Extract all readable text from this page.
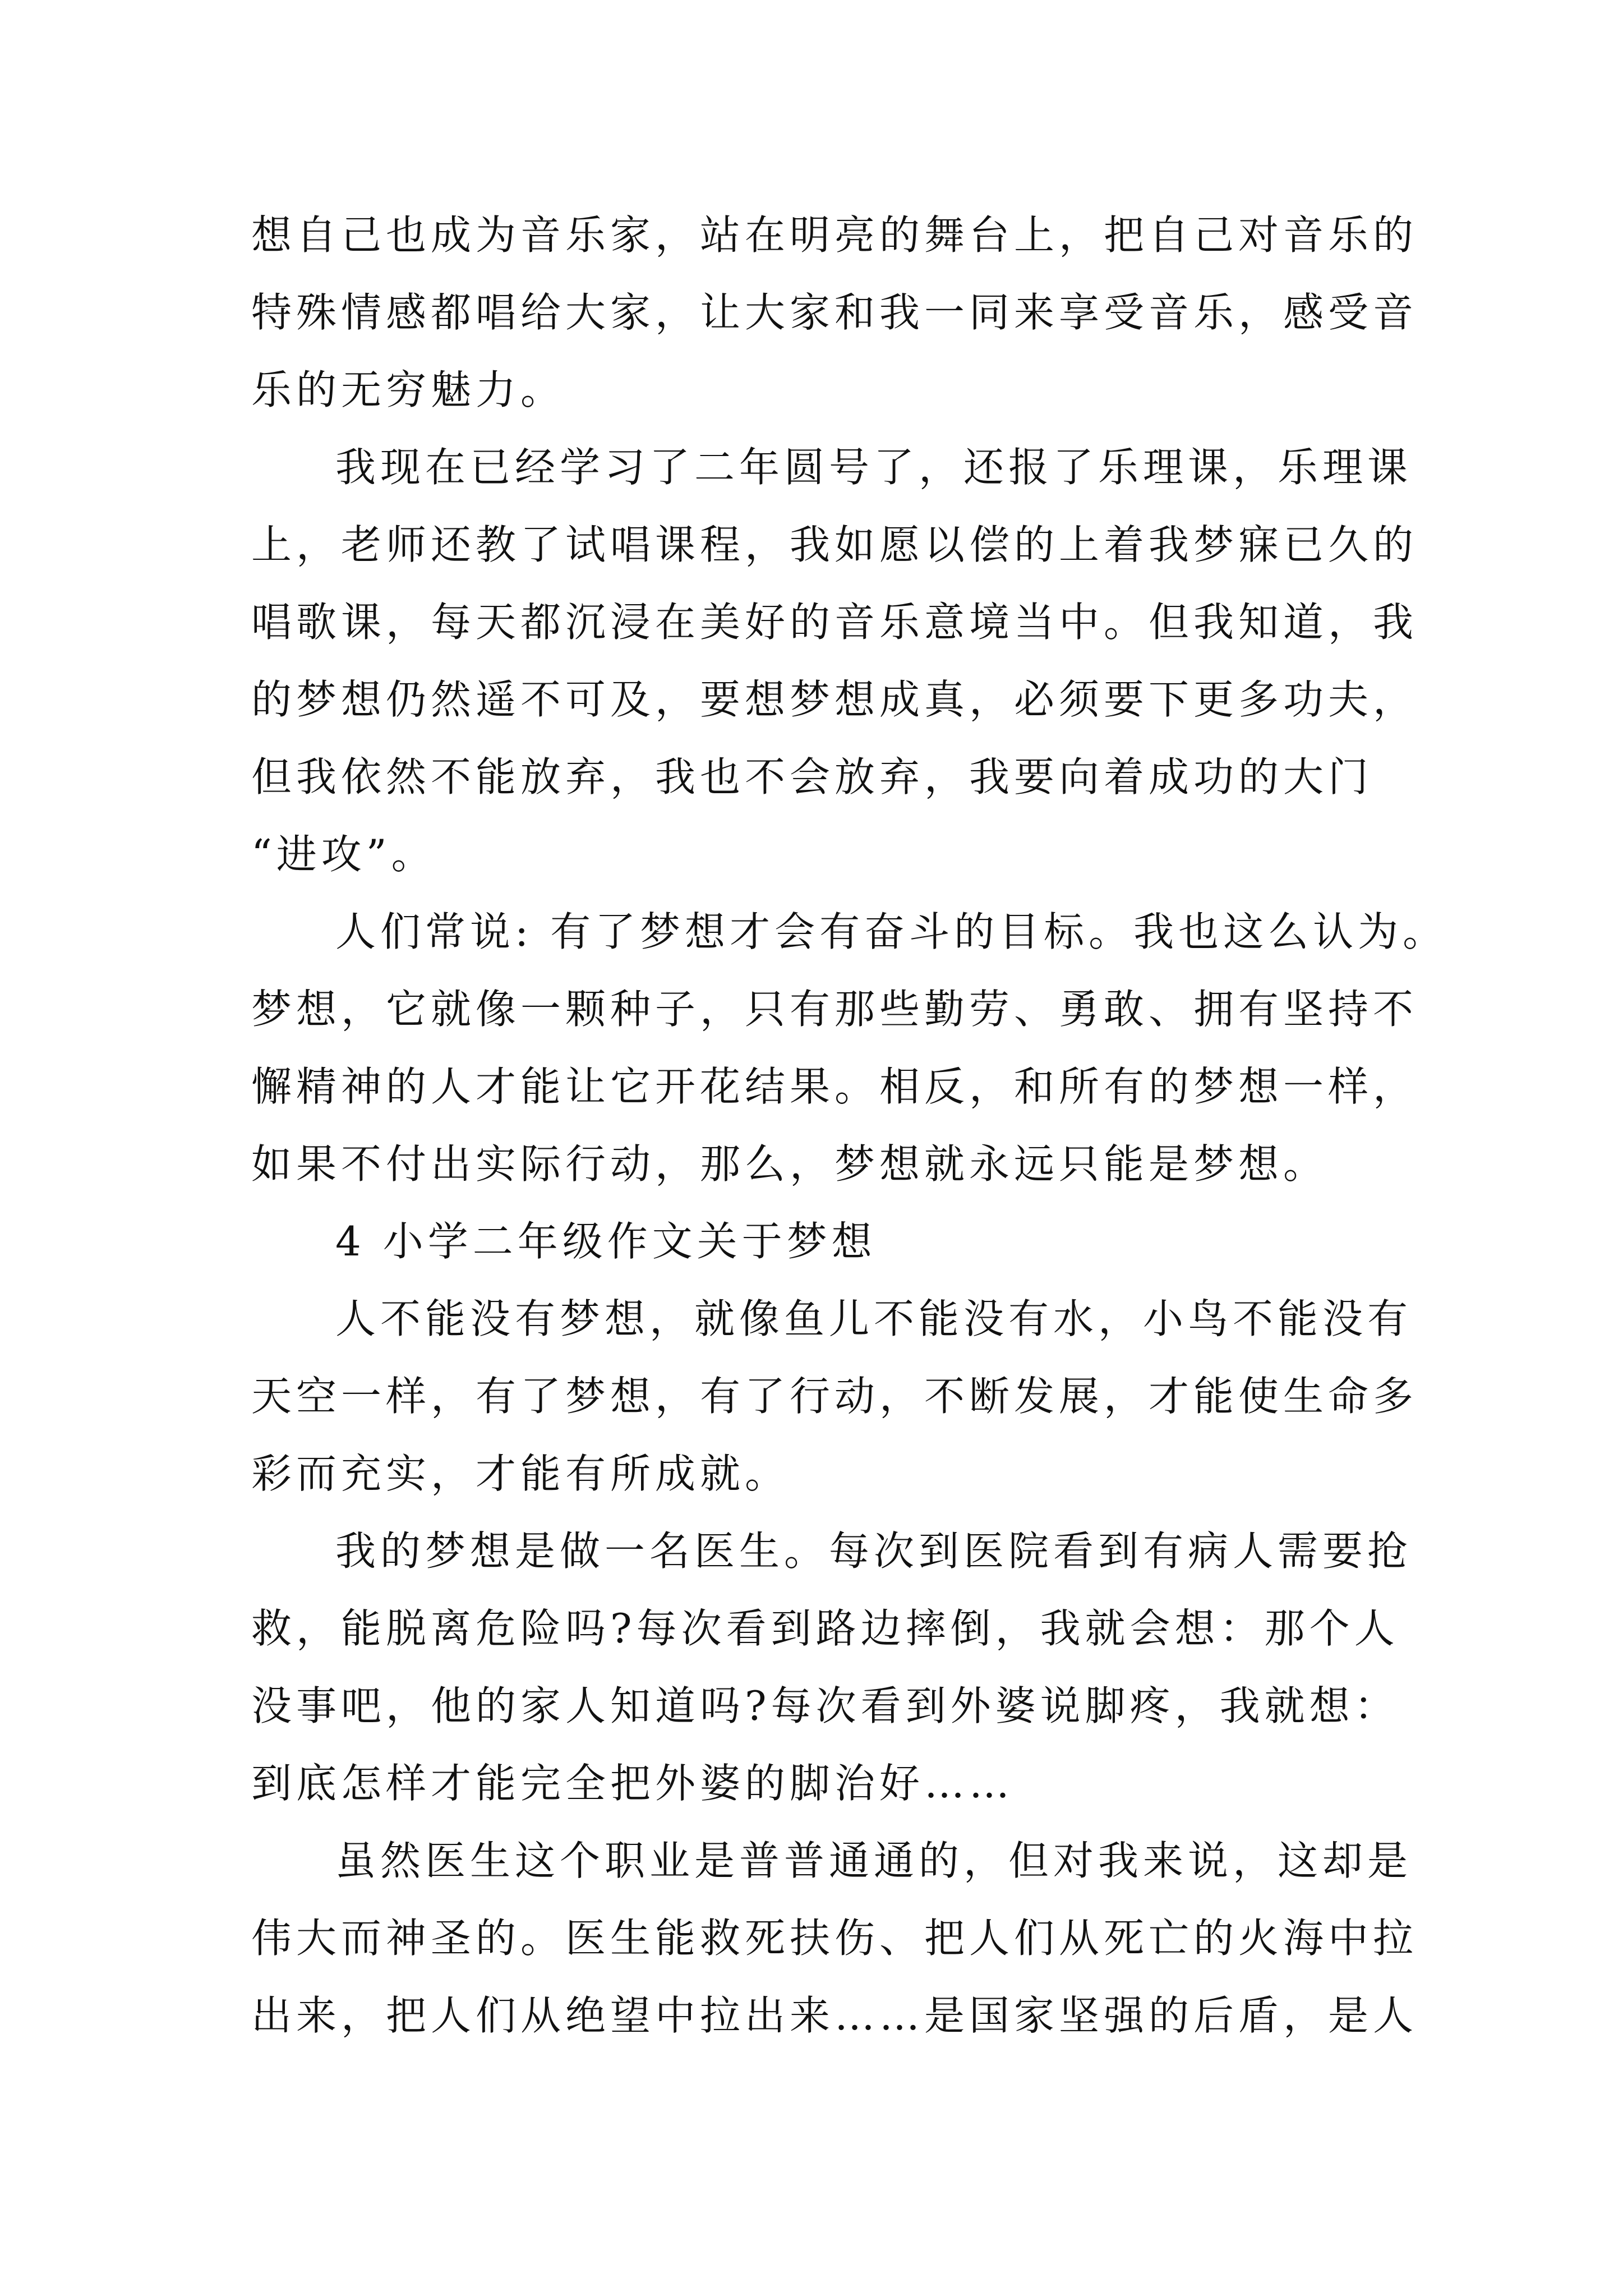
想自己也成为音乐家，站在明亮的舞台上，把自己对音乐的
特殊情感都唱给大家，让大家和我一同来享受音乐，感受音
乐的无穷魅力。
我现在已经学习了二年圆号了，还报了乐理课，乐理课
上，老师还教了试唱课程，我如愿以偿的上着我梦寐已久的
唱歌课，每天都沉浸在美好的音乐意境当中。但我知道，我
的梦想仍然遥不可及，要想梦想成真，必须要下更多功夫，
但我依然不能放弃，我也不会放弃，我要向着成功的大门
“进攻”。
人们常说: 有了梦想才会有奋斗的目标。我也这么认为。
梦想，它就像一颗种子，只有那些勤劳、勇敢、拥有坚持不
懈精神的人才能让它开花结果。相反，和所有的梦想一样，
如果不付出实际行动，那么，梦想就永远只能是梦想。
4 小学二年级作文关于梦想
人不能没有梦想，就像鱼儿不能没有水，小鸟不能没有
天空一样，有了梦想，有了行动，不断发展，才能使生命多
彩而充实，才能有所成就。
我的梦想是做一名医生。每次到医院看到有病人需要抢
救，能脱离危险吗?每次看到路边摔倒，我就会想：那个人
没事吧，他的家人知道吗?每次看到外婆说脚疼，我就想：
到底怎样才能完全把外婆的脚治好……
虽然医生这个职业是普普通通的，但对我来说，这却是
伟大而神圣的。医生能救死扶伤、把人们从死亡的火海中拉
出来，把人们从绝望中拉出来……是国家坚强的后盾，是人
